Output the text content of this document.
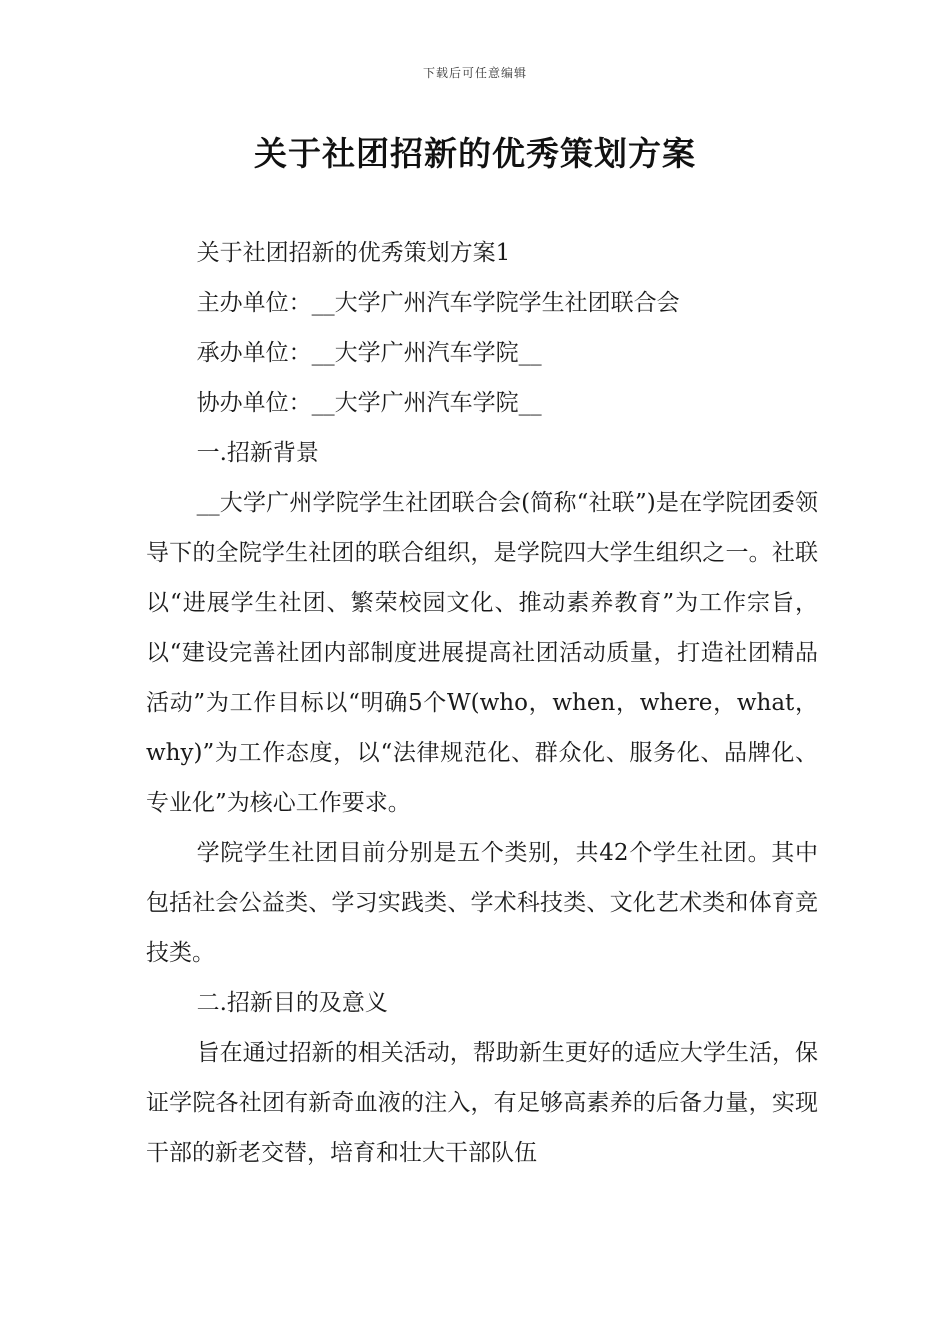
下载后可任意编辑
关于社团招新的优秀策划方案

关于社团招新的优秀策划方案1

主办单位：__大学广州汽车学院学生社团联合会

承办单位：__大学广州汽车学院__

协办单位：__大学广州汽车学院__

一.招新背景

__大学广州学院学生社团联合会(简称“社联”)是在学院团委领导下的全院学生社团的联合组织，是学院四大学生组织之一。社联以“进展学生社团、繁荣校园文化、推动素养教育”为工作宗旨，以“建设完善社团内部制度进展提高社团活动质量，打造社团精品活动”为工作目标以“明确5个W(who，when，where，what，why)”为工作态度，以“法律规范化、群众化、服务化、品牌化、专业化”为核心工作要求。

学院学生社团目前分别是五个类别，共42个学生社团。其中包括社会公益类、学习实践类、学术科技类、文化艺术类和体育竞技类。

二.招新目的及意义

旨在通过招新的相关活动，帮助新生更好的适应大学生活，保证学院各社团有新奇血液的注入，有足够高素养的后备力量，实现干部的新老交替，培育和壮大干部队伍
